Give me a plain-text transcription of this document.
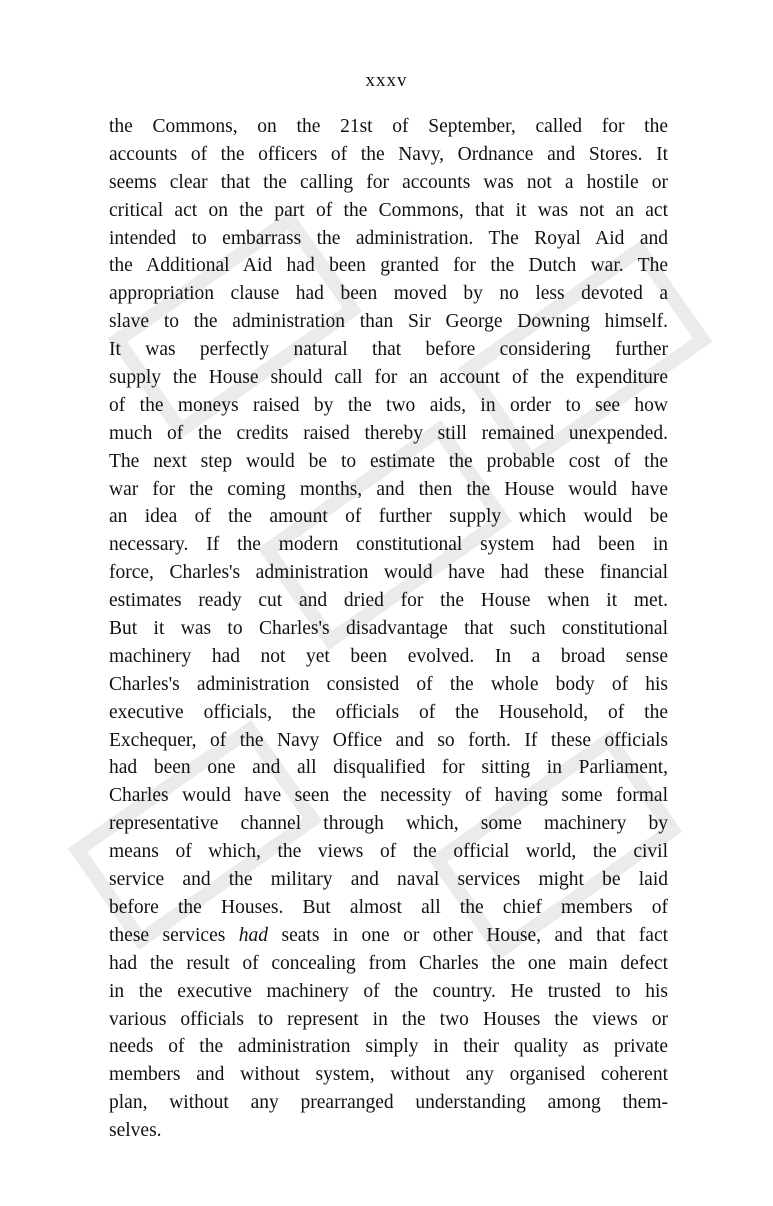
xxxv
the Commons, on the 21st of September, called for the
accounts of the officers of the Navy, Ordnance and Stores. It
seems clear that the calling for accounts was not a hostile or
critical act on the part of the Commons, that it was not an act
intended to embarrass the administration. The Royal Aid and
the Additional Aid had been granted for the Dutch war. The
appropriation clause had been moved by no less devoted a
slave to the administration than Sir George Downing himself.
It was perfectly natural that before considering further
supply the House should call for an account of the expenditure
of the moneys raised by the two aids, in order to see how
much of the credits raised thereby still remained unexpended.
The next step would be to estimate the probable cost of the
war for the coming months, and then the House would have
an idea of the amount of further supply which would be
necessary. If the modern constitutional system had been in
force, Charles's administration would have had these financial
estimates ready cut and dried for the House when it met.
But it was to Charles's disadvantage that such constitutional
machinery had not yet been evolved. In a broad sense
Charles's administration consisted of the whole body of his
executive officials, the officials of the Household, of the
Exchequer, of the Navy Office and so forth. If these officials
had been one and all disqualified for sitting in Parliament,
Charles would have seen the necessity of having some formal
representative channel through which, some machinery by
means of which, the views of the official world, the civil
service and the military and naval services might be laid
before the Houses. But almost all the chief members of
these services had seats in one or other House, and that fact
had the result of concealing from Charles the one main defect
in the executive machinery of the country. He trusted to his
various officials to represent in the two Houses the views or
needs of the administration simply in their quality as private
members and without system, without any organised coherent
plan, without any prearranged understanding among them-
selves.
